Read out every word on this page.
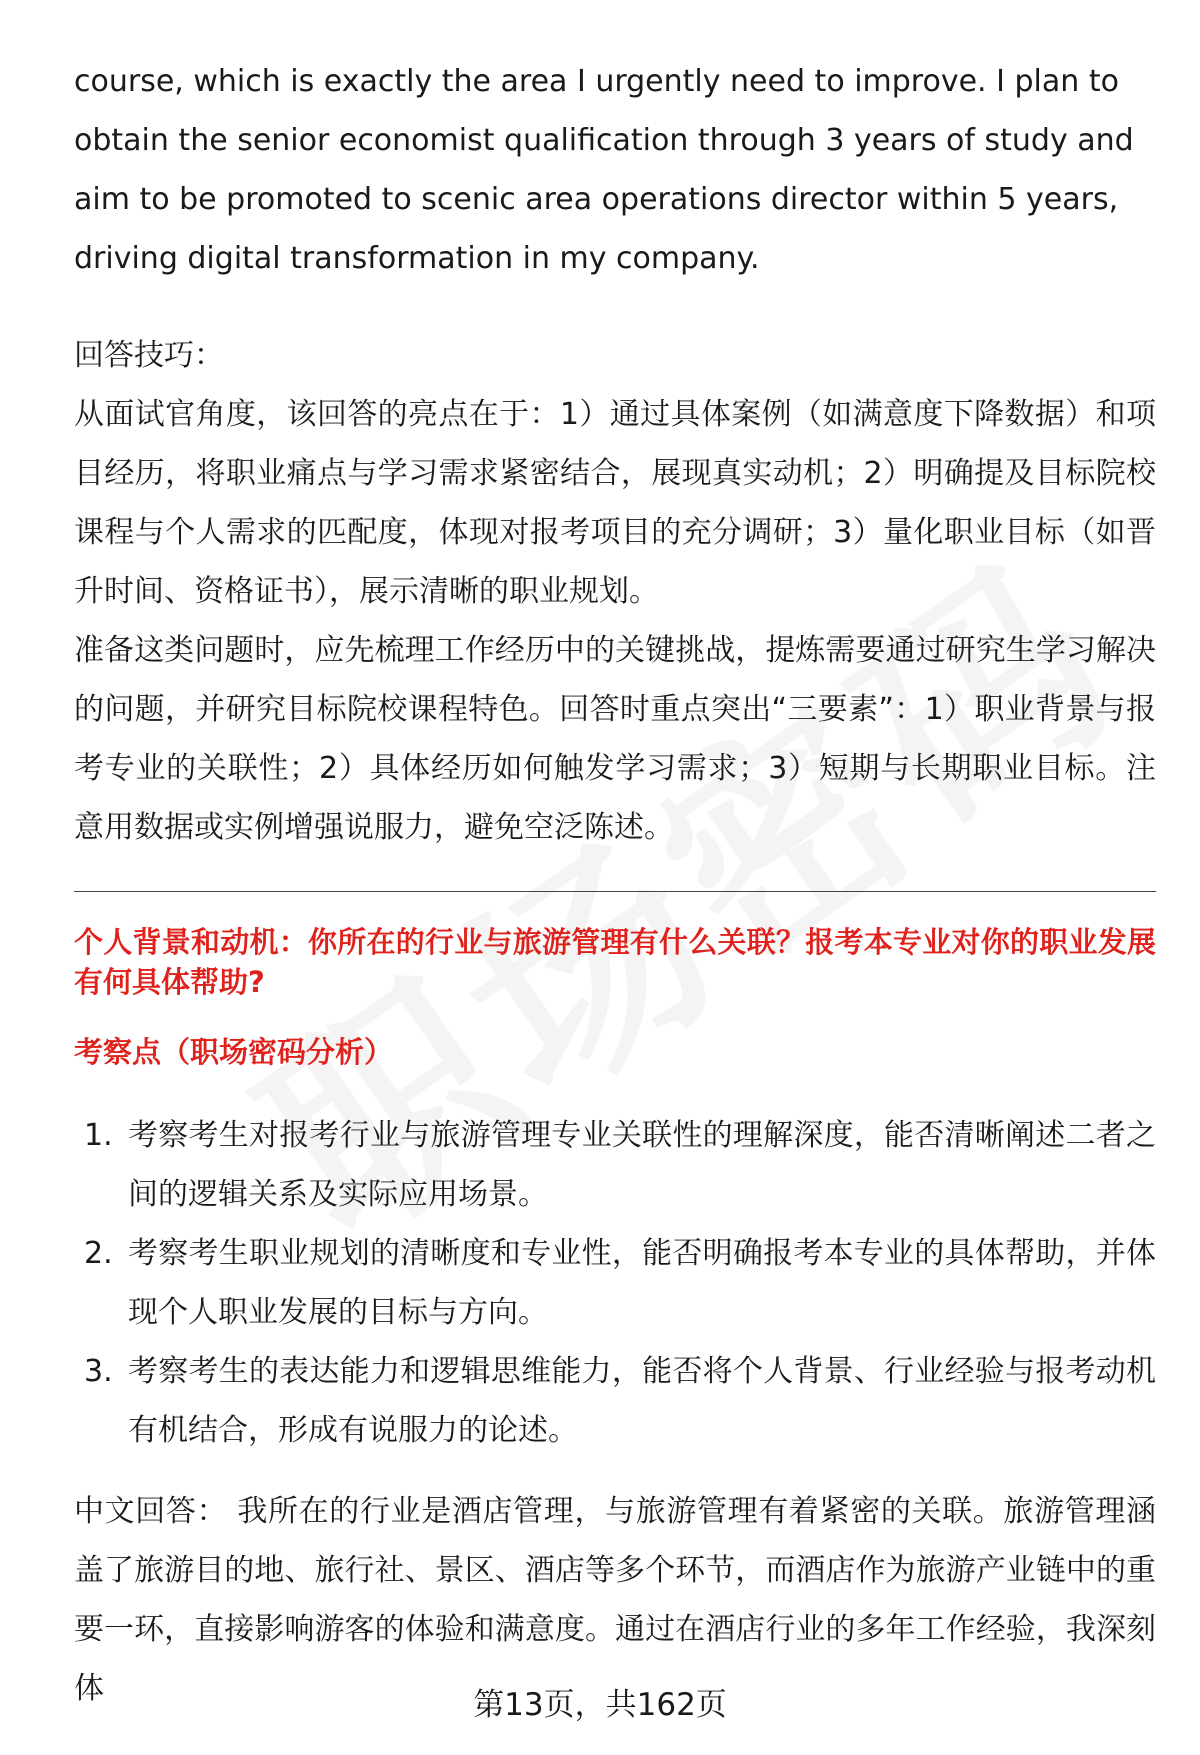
course, which is exactly the area I urgently need to improve. I plan to obtain the senior economist qualification through 3 years of study and aim to be promoted to scenic area operations director within 5 years, driving digital transformation in my company.

回答技巧：

从面试官角度，该回答的亮点在于：1）通过具体案例（如满意度下降数据）和项目经历，将职业痛点与学习需求紧密结合，展现真实动机；2）明确提及目标院校课程与个人需求的匹配度，体现对报考项目的充分调研；3）量化职业目标（如晋升时间、资格证书），展示清晰的职业规划。

准备这类问题时，应先梳理工作经历中的关键挑战，提炼需要通过研究生学习解决的问题，并研究目标院校课程特色。回答时重点突出“三要素”：1）职业背景与报考专业的关联性；2）具体经历如何触发学习需求；3）短期与长期职业目标。注意用数据或实例增强说服力，避免空泛陈述。

个人背景和动机：你所在的行业与旅游管理有什么关联？报考本专业对你的职业发展有何具体帮助?

考察点（职场密码分析）

1. 考察考生对报考行业与旅游管理专业关联性的理解深度，能否清晰阐述二者之间的逻辑关系及实际应用场景。
2. 考察考生职业规划的清晰度和专业性，能否明确报考本专业的具体帮助，并体现个人职业发展的目标与方向。
3. 考察考生的表达能力和逻辑思维能力，能否将个人背景、行业经验与报考动机有机结合，形成有说服力的论述。

中文回答： 我所在的行业是酒店管理，与旅游管理有着紧密的关联。旅游管理涵盖了旅游目的地、旅行社、景区、酒店等多个环节，而酒店作为旅游产业链中的重要一环，直接影响游客的体验和满意度。通过在酒店行业的多年工作经验，我深刻体	第13页，共162页
